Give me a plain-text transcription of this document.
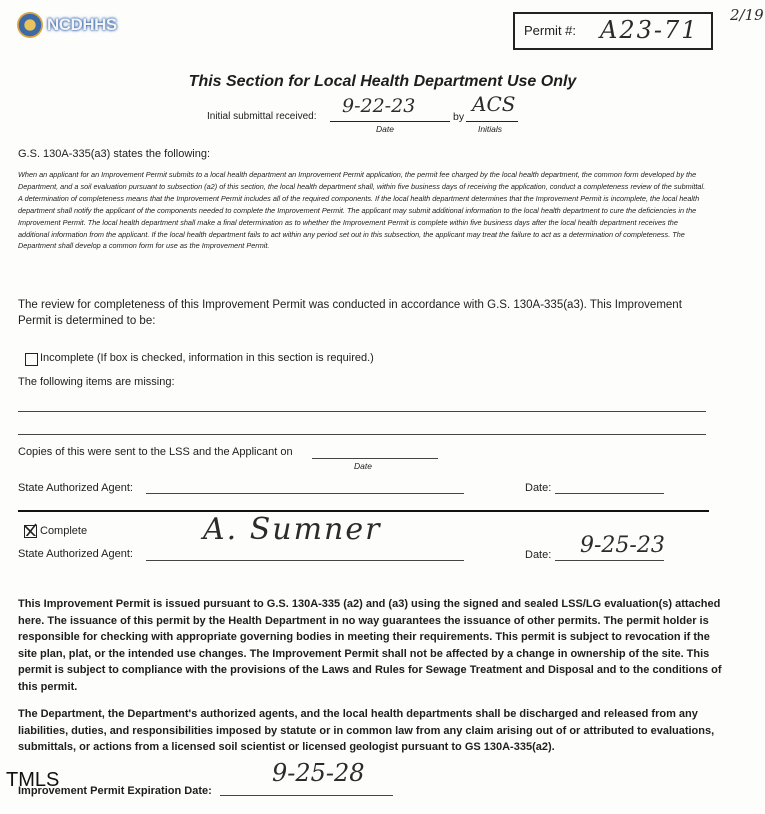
NCDHHS	Permit #: A23-71
2/19
This Section for Local Health Department Use Only
Initial submittal received: 9-22-23	by
ACS
Date	Initials
G.S. 130A-335(a3) states the following:
When an applicant for an Improvement Permit submits to a local health department an Improvement Permit application, the permit fee charged by the local health department, the common form developed by the Department, and a soil evaluation pursuant to subsection (a2) of this section, the local health department shall, within five business days of receiving the application, conduct a completeness review of the submittal. A determination of completeness means that the Improvement Permit includes all of the required components. If the local health department determines that the Improvement Permit is incomplete, the local health department shall notify the applicant of the components needed to complete the Improvement Permit. The applicant may submit additional information to the local health department to cure the deficiencies in the Improvement Permit. The local health department shall make a final determination as to whether the Improvement Permit is complete within five business days after the local health department receives the additional information from the applicant. If the local health department fails to act within any period set out in this subsection, the applicant may treat the failure to act as a determination of completeness. The Department shall develop a common form for use as the Improvement Permit.
The review for completeness of this Improvement Permit was conducted in accordance with G.S. 130A-335(a3). This Improvement Permit is determined to be:
Incomplete (If box is checked, information in this section is required.)
The following items are missing:
Copies of this were sent to the LSS and the Applicant on
Date
State Authorized Agent:	Date:
Complete
State Authorized Agent:
A. Sumner
Date: 9-25-23
This Improvement Permit is issued pursuant to G.S. 130A-335 (a2) and (a3) using the signed and sealed LSS/LG evaluation(s) attached here. The issuance of this permit by the Health Department in no way guarantees the issuance of other permits. The permit holder is responsible for checking with appropriate governing bodies in meeting their requirements. This permit is subject to revocation if the site plan, plat, or the intended use changes. The Improvement Permit shall not be affected by a change in ownership of the site. This permit is subject to compliance with the provisions of the Laws and Rules for Sewage Treatment and Disposal and to the conditions of this permit.
The Department, the Department's authorized agents, and the local health departments shall be discharged and released from any liabilities, duties, and responsibilities imposed by statute or in common law from any claim arising out of or attributed to evaluations, submittals, or actions from a licensed soil scientist or licensed geologist pursuant to GS 130A-335(a2).
Improvement Permit Expiration Date:
9-25-28
TMLS
